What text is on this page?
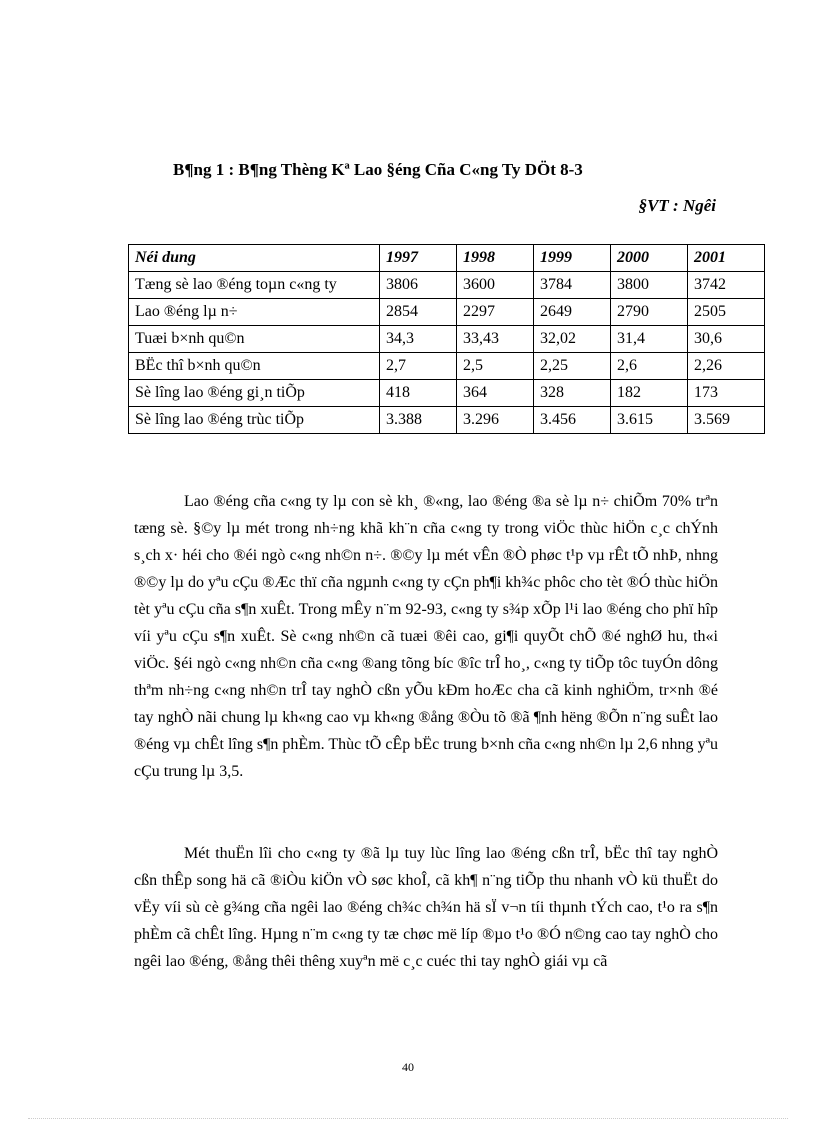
B¶ng 1 : B¶ng Thèng Kª Lao §éng Cña C«ng Ty DÖt 8-3
§VT : Ngêi
Néi dung	1997	1998	1999	2000	2001
Tæng sè lao ®éng toµn c«ng ty	3806	3600	3784	3800	3742
Lao ®éng lµ n÷	2854	2297	2649	2790	2505
Tuæi b×nh qu©n	34,3	33,43	32,02	31,4	30,6
BËc thî b×nh qu©n	2,7	2,5	2,25	2,6	2,26
Sè lîng lao ®éng gi¸n tiÕp	418	364	328	182	173
Sè lîng lao ®éng trùc tiÕp	3.388	3.296	3.456	3.615	3.569

Lao ®éng cña c«ng ty lµ con sè kh¸ ®«ng, lao ®éng ®a sè lµ n÷ chiÕm 70% trªn tæng sè. §©y lµ mét trong nh÷ng khã kh¨n cña c«ng ty trong viÖc thùc hiÖn c¸c chÝnh s¸ch x· héi cho ®éi ngò c«ng nh©n n÷. ®©y lµ mét vÊn ®Ò phøc t¹p vµ rÊt tÕ nhÞ, nhng ®©y lµ do yªu cÇu ®Æc thï cña ngµnh c«ng ty cÇn ph¶i kh¾c phôc cho tèt ®Ó thùc hiÖn tèt yªu cÇu cña s¶n xuÊt. Trong mÊy n¨m 92-93, c«ng ty s¾p xÕp l¹i lao ®éng cho phï hîp víi yªu cÇu s¶n xuÊt. Sè c«ng nh©n cã tuæi ®êi cao, gi¶i quyÕt chÕ ®é nghØ hu, th«i viÖc. §éi ngò c«ng nh©n cña c«ng ®ang tõng bíc ®îc trÎ ho¸, c«ng ty tiÕp tôc tuyÓn dông thªm nh÷ng c«ng nh©n trÎ tay nghÒ cßn yÕu kÐm hoÆc cha cã kinh nghiÖm, tr×nh ®é tay nghÒ nãi chung lµ kh«ng cao vµ kh«ng ®ång ®Òu tõ ®ã ¶nh hëng ®Õn n¨ng suÊt lao ®éng vµ chÊt lîng s¶n phÈm. Thùc tÕ cÊp bËc trung b×nh cña c«ng nh©n lµ 2,6 nhng yªu cÇu trung lµ 3,5.

Mét thuËn lîi cho c«ng ty ®ã lµ tuy lùc lîng lao ®éng cßn trÎ, bËc thî tay nghÒ cßn thÊp song hä cã ®iÒu kiÖn vÒ søc khoÎ, cã kh¶ n¨ng tiÕp thu nhanh vÒ kü thuËt do vËy víi sù cè g¾ng cña ngêi lao ®éng ch¾c ch¾n hä sÏ v¬n tíi thµnh tÝch cao, t¹o ra s¶n phÈm cã chÊt lîng. Hµng n¨m c«ng ty tæ chøc më líp ®µo t¹o ®Ó n©ng cao tay nghÒ cho ngêi lao ®éng, ®ång thêi thêng xuyªn më c¸c cuéc thi tay nghÒ giái vµ cã

40
